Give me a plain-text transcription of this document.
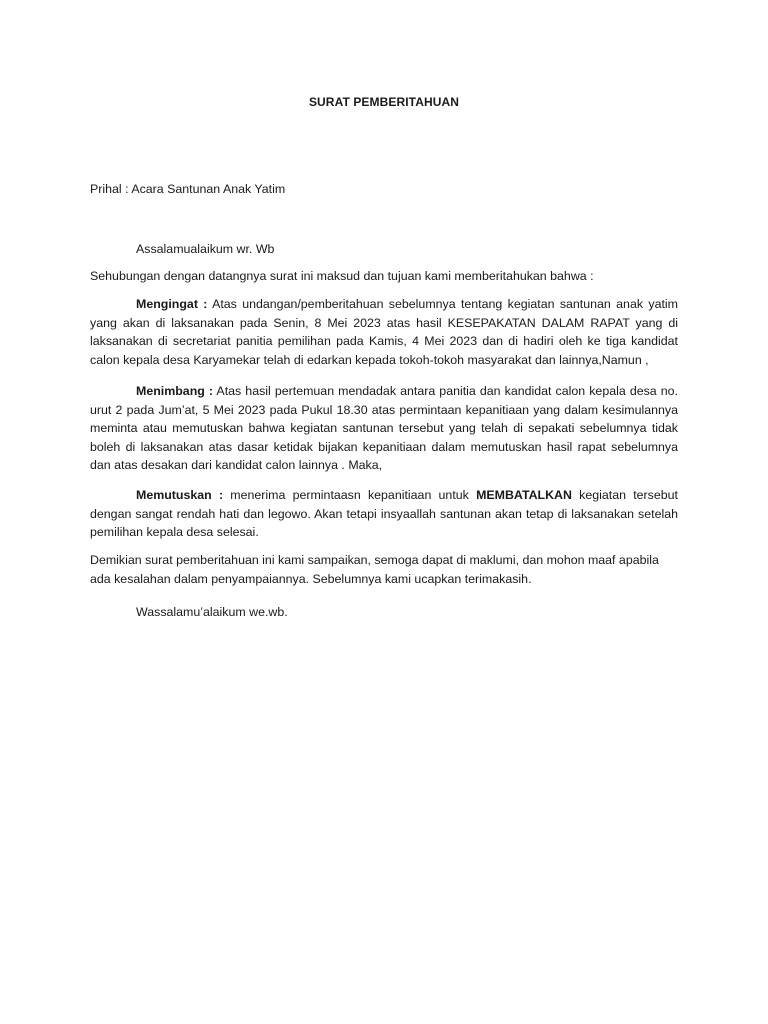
SURAT PEMBERITAHUAN
Prihal : Acara Santunan Anak Yatim
Assalamualaikum wr. Wb
Sehubungan dengan datangnya surat ini maksud dan tujuan kami memberitahukan bahwa :
Mengingat : Atas undangan/pemberitahuan sebelumnya tentang kegiatan santunan anak yatim yang akan di laksanakan pada Senin, 8 Mei 2023 atas hasil KESEPAKATAN DALAM RAPAT yang di laksanakan di secretariat panitia pemilihan pada Kamis, 4 Mei 2023 dan di hadiri oleh ke tiga kandidat calon kepala desa Karyamekar telah di edarkan kepada tokoh-tokoh masyarakat dan lainnya,Namun ,
Menimbang : Atas hasil pertemuan mendadak antara panitia dan kandidat calon kepala desa no. urut 2 pada Jum’at, 5 Mei 2023 pada Pukul 18.30 atas permintaan kepanitiaan yang dalam kesimulannya meminta atau memutuskan bahwa kegiatan santunan tersebut yang telah di sepakati sebelumnya tidak boleh di laksanakan atas dasar ketidak bijakan kepanitiaan dalam memutuskan hasil rapat sebelumnya dan atas desakan dari kandidat calon lainnya . Maka,
Memutuskan : menerima permintaasn kepanitiaan untuk MEMBATALKAN kegiatan tersebut dengan sangat rendah hati dan legowo. Akan tetapi insyaallah santunan akan tetap di laksanakan setelah pemilihan kepala desa selesai.
Demikian surat pemberitahuan ini kami sampaikan, semoga dapat di maklumi, dan mohon maaf apabila ada kesalahan dalam penyampaiannya. Sebelumnya kami ucapkan terimakasih.
Wassalamu’alaikum we.wb.
